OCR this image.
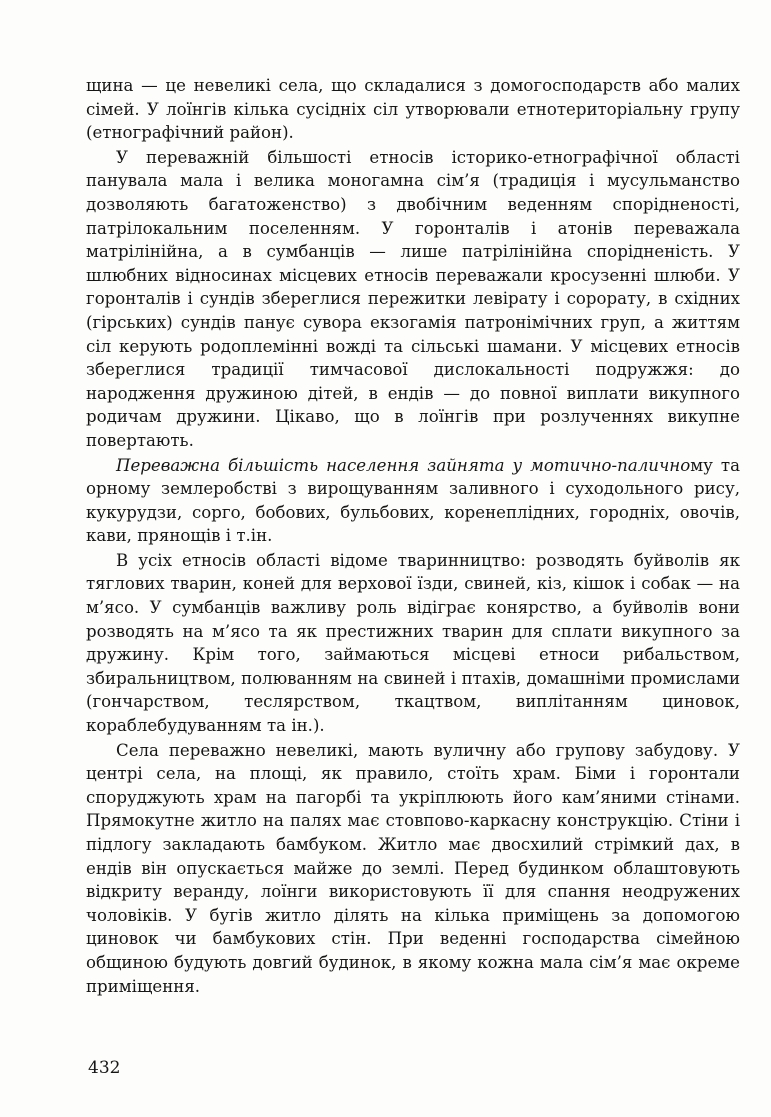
щина — це невеликі села, що складалися з домогосподарств або малих сімей. У лоїнгів кілька сусідніх сіл утворювали етнотериторіальну групу (етнографічний район).

У переважній більшості етносів історико-етнографічної області панувала мала і велика моногамна сім’я (традиція і мусульманство дозволяють багатоженство) з двобічним веденням спорідненості, патрілокальним поселенням. У горонталів і атонів переважала матрілінійна, а в сумбанців — лише патрілінійна спорідненість. У шлюбних відносинах місцевих етносів переважали кросузенні шлюби. У горонталів і сундів збереглися пережитки левірату і сорорату, в східних (гірських) сундів панує сувора екзогамія патронімічних груп, а життям сіл керують родоплемінні вожді та сільські шамани. У місцевих етносів збереглися традиції тимчасової дислокальності подружжя: до народження дружиною дітей, в ендів — до повної виплати викупного родичам дружини. Цікаво, що в лоїнгів при розлученнях викупне повертають.

Переважна більшість населення зайнята у мотично-паличному та орному землеробстві з вирощуванням заливного і суходольного рису, кукурудзи, сорго, бобових, бульбових, коренеплідних, городніх, овочів, кави, прянощів і т.ін.

В усіх етносів області відоме тваринництво: розводять буйволів як тяглових тварин, коней для верхової їзди, свиней, кіз, кішок і собак — на м’ясо. У сумбанців важливу роль відіграє конярство, а буйволів вони розводять на м’ясо та як престижних тварин для сплати викупного за дружину. Крім того, займаються місцеві етноси рибальством, збиральництвом, полюванням на свиней і птахів, домашніми промислами (гончарством, теслярством, ткацтвом, виплітанням циновок, кораблебудуванням та ін.).

Села переважно невеликі, мають вуличну або групову забудову. У центрі села, на площі, як правило, стоїть храм. Біми і горонтали споруджують храм на пагорбі та укріплюють його кам’яними стінами. Прямокутне житло на палях має стовпово-каркасну конструкцію. Стіни і підлогу закладають бамбуком. Житло має двосхилий стрімкий дах, в ендів він опускається майже до землі. Перед будинком облаштовують відкриту веранду, лоїнги використовують її для спання неодружених чоловіків. У бугів житло ділять на кілька приміщень за допомогою циновок чи бамбукових стін. При веденні господарства сімейною общиною будують довгий будинок, в якому кожна мала сім’я має окреме приміщення.

432
